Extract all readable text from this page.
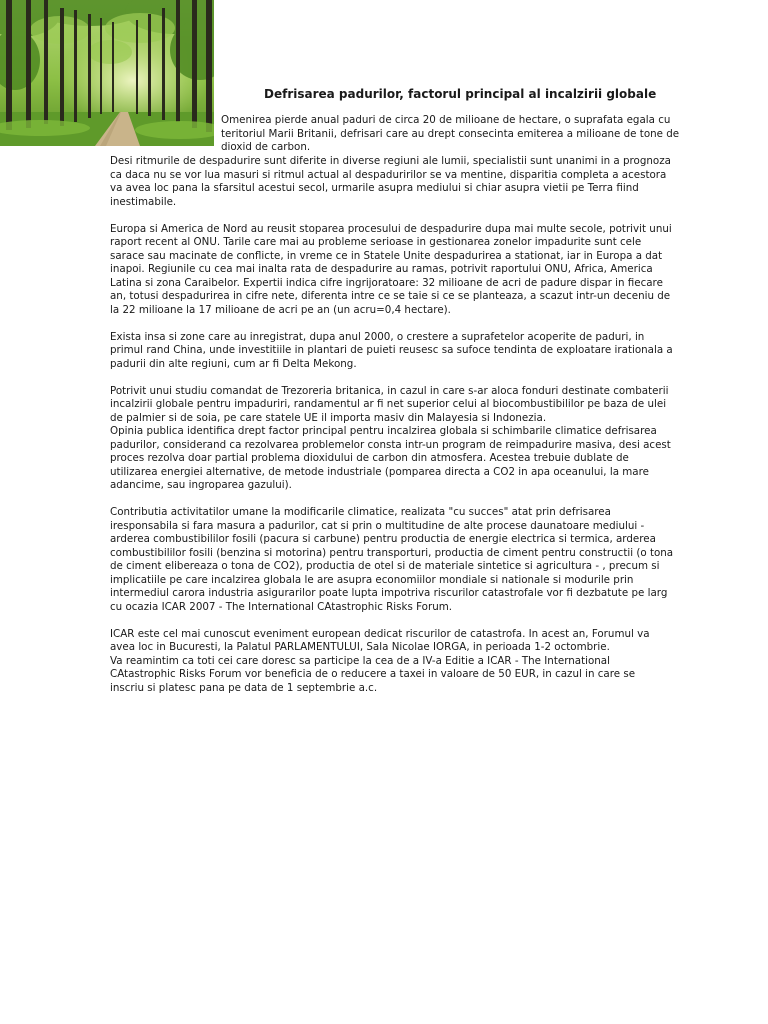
Defrisarea padurilor, factorul principal al incalzirii globale

Omenirea pierde anual paduri de circa 20 de milioane de hectare, o suprafata egala cu
teritoriul Marii Britanii, defrisari care au drept consecinta emiterea a milioane de tone de
dioxid de carbon.

Desi ritmurile de despadurire sunt diferite in diverse regiuni ale lumii, specialistii sunt unanimi in a prognoza
ca daca nu se vor lua masuri si ritmul actual al despaduririlor se va mentine, disparitia completa a acestora
va avea loc pana la sfarsitul acestui secol, urmarile asupra mediului si chiar asupra vietii pe Terra fiind
inestimabile.

Europa si America de Nord au reusit stoparea procesului de despadurire dupa mai multe secole, potrivit unui
raport recent al ONU. Tarile care mai au probleme serioase in gestionarea zonelor impadurite sunt cele
sarace sau macinate de conflicte, in vreme ce in Statele Unite despadurirea a stationat, iar in Europa a dat
inapoi. Regiunile cu cea mai inalta rata de despadurire au ramas, potrivit raportului ONU, Africa, America
Latina si zona Caraibelor. Expertii indica cifre ingrijoratoare: 32 milioane de acri de padure dispar in fiecare
an, totusi despadurirea in cifre nete, diferenta intre ce se taie si ce se planteaza, a scazut intr-un deceniu de
la 22 milioane la 17 milioane de acri pe an (un acru=0,4 hectare).

Exista insa si zone care au inregistrat, dupa anul 2000, o crestere a suprafetelor acoperite de paduri, in
primul rand China, unde investitiile in plantari de puieti reusesc sa sufoce tendinta de exploatare irationala a
padurii din alte regiuni, cum ar fi Delta Mekong.

Potrivit unui studiu comandat de Trezoreria britanica, in cazul in care s-ar aloca fonduri destinate combaterii
incalzirii globale pentru impaduriri, randamentul ar fi net superior celui al biocombustibililor pe baza de ulei
de palmier si de soia, pe care statele UE il importa masiv din Malayesia si Indonezia.
Opinia publica identifica drept factor principal pentru incalzirea globala si schimbarile climatice defrisarea
padurilor, considerand ca rezolvarea problemelor consta intr-un program de reimpadurire masiva, desi acest
proces rezolva doar partial problema dioxidului de carbon din atmosfera. Acestea trebuie dublate de
utilizarea energiei alternative, de metode industriale (pomparea directa a CO2 in apa oceanului, la mare
adancime, sau ingroparea gazului).

Contributia activitatilor umane la modificarile climatice, realizata "cu succes" atat prin defrisarea
iresponsabila si fara masura a padurilor, cat si prin o multitudine de alte procese daunatoare mediului -
arderea combustibililor fosili (pacura si carbune) pentru productia de energie electrica si termica, arderea
combustibililor fosili (benzina si motorina) pentru transporturi, productia de ciment pentru constructii (o tona
de ciment elibereaza o tona de CO2), productia de otel si de materiale sintetice si agricultura - , precum si
implicatiile pe care incalzirea globala le are asupra economiilor mondiale si nationale si modurile prin
intermediul carora industria asigurarilor poate lupta impotriva riscurilor catastrofale vor fi dezbatute pe larg
cu ocazia ICAR 2007 - The International CAtastrophic Risks Forum.

ICAR este cel mai cunoscut eveniment european dedicat riscurilor de catastrofa. In acest an, Forumul va
avea loc in Bucuresti, la Palatul PARLAMENTULUI, Sala Nicolae IORGA, in perioada 1-2 octombrie.
Va reamintim ca toti cei care doresc sa participe la cea de a IV-a Editie a ICAR - The International
CAtastrophic Risks Forum vor beneficia de o reducere a taxei in valoare de 50 EUR, in cazul in care se
inscriu si platesc pana pe data de 1 septembrie a.c.
